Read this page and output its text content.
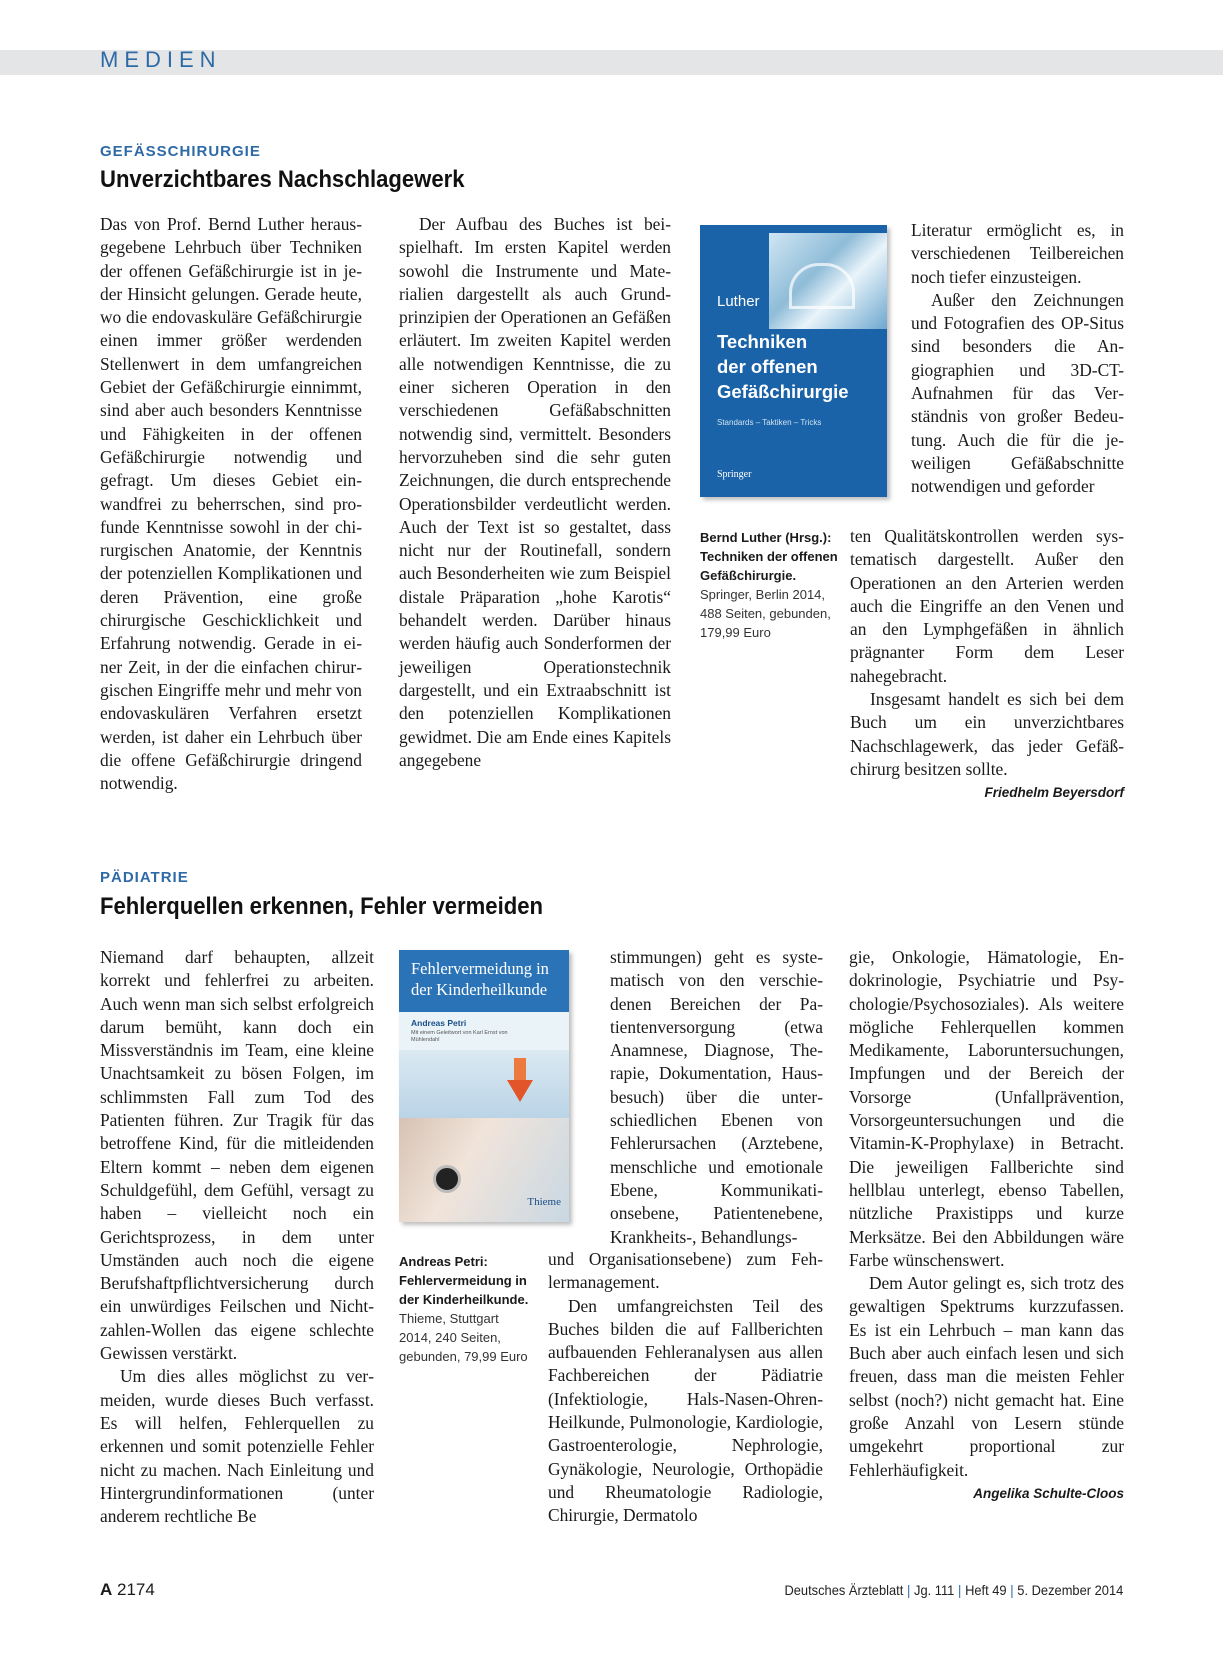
MEDIEN
GEFÄSSCHIRURGIE
Unverzichtbares Nachschlagewerk

Das von Prof. Bernd Luther herausgegebene Lehrbuch über Techniken der offenen Gefäßchirurgie ist in jeder Hinsicht gelungen. Gerade heute, wo die endovaskuläre Gefäßchirurgie einen immer größer werdenden Stellenwert in dem umfangreichen Gebiet der Gefäßchirurgie einnimmt, sind aber auch besonders Kenntnisse und Fähigkeiten in der offenen Gefäßchirurgie notwendig und gefragt. Um dieses Gebiet einwandfrei zu beherrschen, sind profunde Kenntnisse sowohl in der chirurgischen Anatomie, der Kenntnis der potenziellen Komplikationen und deren Prävention, eine große chirurgische Geschicklichkeit und Erfahrung notwendig. Gerade in einer Zeit, in der die einfachen chirurgischen Eingriffe mehr und mehr von endovaskulären Verfahren ersetzt werden, ist daher ein Lehrbuch über die offene Gefäßchirurgie dringend notwendig.

Der Aufbau des Buches ist beispielhaft. Im ersten Kapitel werden sowohl die Instrumente und Materialien dargestellt als auch Grundprinzipien der Operationen an Gefäßen erläutert. Im zweiten Kapitel werden alle notwendigen Kenntnisse, die zu einer sicheren Operation in den verschiedenen Gefäßabschnitten notwendig sind, vermittelt. Besonders hervorzuheben sind die sehr guten Zeichnungen, die durch entsprechende Operationsbilder verdeutlicht werden. Auch der Text ist so gestaltet, dass nicht nur der Routinefall, sondern auch Besonderheiten wie zum Beispiel distale Präparation „hohe Karotis“ behandelt werden. Darüber hinaus werden häufig auch Sonderformen der jeweiligen Operationstechnik dargestellt, und ein Extraabschnitt ist den potenziellen Komplikationen gewidmet. Die am Ende eines Kapitels angegebene

Luther
Techniken
der offenen
Gefäßchirurgie
Standards – Taktiken – Tricks
Springer
Bernd Luther (Hrsg.): Techniken der offenen Gefäßchirurgie.
Springer, Berlin 2014, 488 Seiten, gebunden, 179,99 Euro

Literatur ermöglicht es, in verschiedenen Teilbereichen noch tiefer einzusteigen.

Außer den Zeichnungen und Fotografien des OP-Situs sind besonders die Angiographien und 3D-CT-Aufnahmen für das Verständnis von großer Bedeutung. Auch die für die jeweiligen Gefäßabschnitte notwendigen und geforder

ten Qualitätskontrollen werden systematisch dargestellt. Außer den Operationen an den Arterien werden auch die Eingriffe an den Venen und an den Lymphgefäßen in ähnlich prägnanter Form dem Leser nahegebracht.

Insgesamt handelt es sich bei dem Buch um ein unverzichtbares Nachschlagewerk, das jeder Gefäßchirurg besitzen sollte.

Friedhelm Beyersdorf
PÄDIATRIE
Fehlerquellen erkennen, Fehler vermeiden

Niemand darf behaupten, allzeit korrekt und fehlerfrei zu arbeiten. Auch wenn man sich selbst erfolgreich darum bemüht, kann doch ein Missverständnis im Team, eine kleine Unachtsamkeit zu bösen Folgen, im schlimmsten Fall zum Tod des Patienten führen. Zur Tragik für das betroffene Kind, für die mitleidenden Eltern kommt – neben dem eigenen Schuldgefühl, dem Gefühl, versagt zu haben – vielleicht noch ein Gerichtsprozess, in dem unter Umständen auch noch die eigene Berufshaftpflichtversicherung durch ein unwürdiges Feilschen und Nichtzahlen-Wollen das eigene schlechte Gewissen verstärkt.

Um dies alles möglichst zu vermeiden, wurde dieses Buch verfasst. Es will helfen, Fehlerquellen zu erkennen und somit potenzielle Fehler nicht zu machen. Nach Einleitung und Hintergrundinformationen (unter anderem rechtliche Be

Fehlervermeidung in
der Kinderheilkunde
Andreas Petri
Mit einem Geleitwort von Karl Ernst von Mühlendahl
Thieme
Andreas Petri: Fehlervermeidung in der Kinderheilkunde.
Thieme, Stuttgart 2014, 240 Seiten, gebunden, 79,99 Euro

stimmungen) geht es systematisch von den verschiedenen Bereichen der Patientenversorgung (etwa Anamnese, Diagnose, Therapie, Dokumentation, Hausbesuch) über die unterschiedlichen Ebenen von Fehlerursachen (Arztebene, menschliche und emotionale Ebene, Kommunikationsebene, Patientenebene, Krankheits-, Behandlungs-

und Organisationsebene) zum Fehlermanagement.

Den umfangreichsten Teil des Buches bilden die auf Fallberichten aufbauenden Fehleranalysen aus allen Fachbereichen der Pädiatrie (Infektiologie, Hals-Nasen-Ohren-Heilkunde, Pulmonologie, Kardiologie, Gastroenterologie, Nephrologie, Gynäkologie, Neurologie, Orthopädie und Rheumatologie Radiologie, Chirurgie, Dermatolo

gie, Onkologie, Hämatologie, Endokrinologie, Psychiatrie und Psychologie/Psychosoziales). Als weitere mögliche Fehlerquellen kommen Medikamente, Laboruntersuchungen, Impfungen und der Bereich der Vorsorge (Unfallprävention, Vorsorgeuntersuchungen und die Vitamin-K-Prophylaxe) in Betracht. Die jeweiligen Fallberichte sind hellblau unterlegt, ebenso Tabellen, nützliche Praxistipps und kurze Merksätze. Bei den Abbildungen wäre Farbe wünschenswert.

Dem Autor gelingt es, sich trotz des gewaltigen Spektrums kurzzufassen. Es ist ein Lehrbuch – man kann das Buch aber auch einfach lesen und sich freuen, dass man die meisten Fehler selbst (noch?) nicht gemacht hat. Eine große Anzahl von Lesern stünde umgekehrt proportional zur Fehlerhäufigkeit.

Angelika Schulte-Cloos
A 2174	Deutsches Ärzteblatt | Jg. 111 | Heft 49 | 5. Dezember 2014
